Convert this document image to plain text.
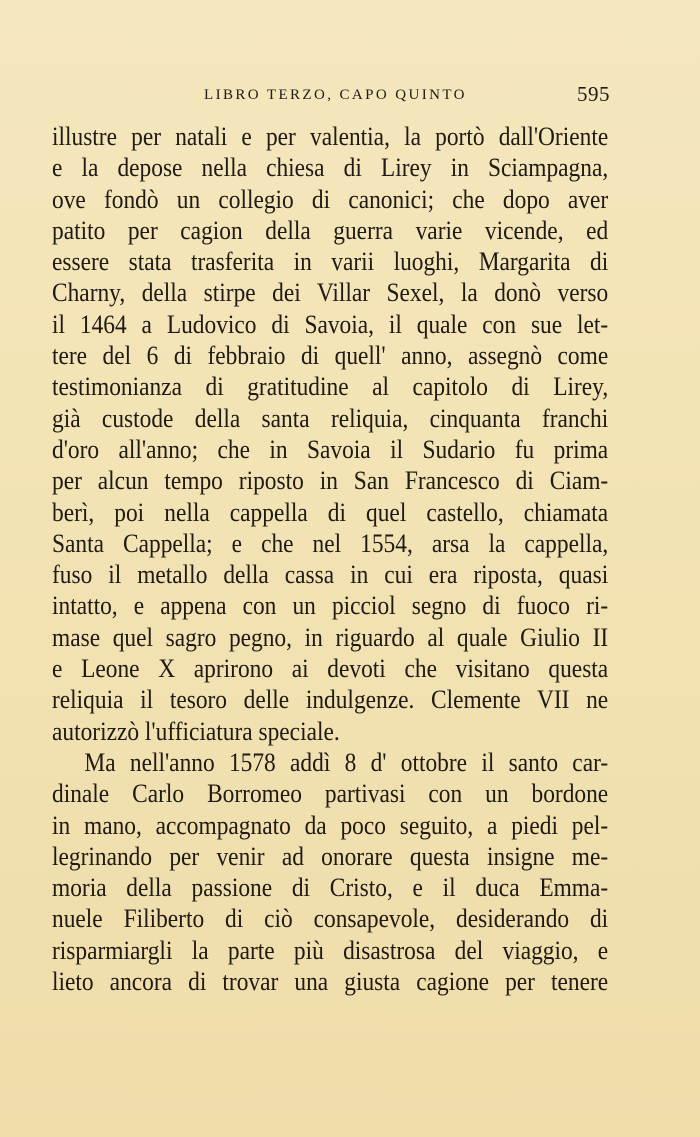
LIBRO TERZO, CAPO QUINTO	595
illustre per natali e per valentia, la portò dall'Oriente
e la depose nella chiesa di Lirey in Sciampagna,
ove fondò un collegio di canonici; che dopo aver
patito per cagion della guerra varie vicende, ed
essere stata trasferita in varii luoghi, Margarita di
Charny, della stirpe dei Villar Sexel, la donò verso
il 1464 a Ludovico di Savoia, il quale con sue let-
tere del 6 di febbraio di quell' anno, assegnò come
testimonianza di gratitudine al capitolo di Lirey,
già custode della santa reliquia, cinquanta franchi
d'oro all'anno; che in Savoia il Sudario fu prima
per alcun tempo riposto in San Francesco di Ciam-
berì, poi nella cappella di quel castello, chiamata
Santa Cappella; e che nel 1554, arsa la cappella,
fuso il metallo della cassa in cui era riposta, quasi
intatto, e appena con un picciol segno di fuoco ri-
mase quel sagro pegno, in riguardo al quale Giulio II
e Leone X aprirono ai devoti che visitano questa
reliquia il tesoro delle indulgenze. Clemente VII ne
autorizzò l'ufficiatura speciale.
Ma nell'anno 1578 addì 8 d' ottobre il santo car-
dinale Carlo Borromeo partivasi con un bordone
in mano, accompagnato da poco seguito, a piedi pel-
legrinando per venir ad onorare questa insigne me-
moria della passione di Cristo, e il duca Emma-
nuele Filiberto di ciò consapevole, desiderando di
risparmiargli la parte più disastrosa del viaggio, e
lieto ancora di trovar una giusta cagione per tenere
